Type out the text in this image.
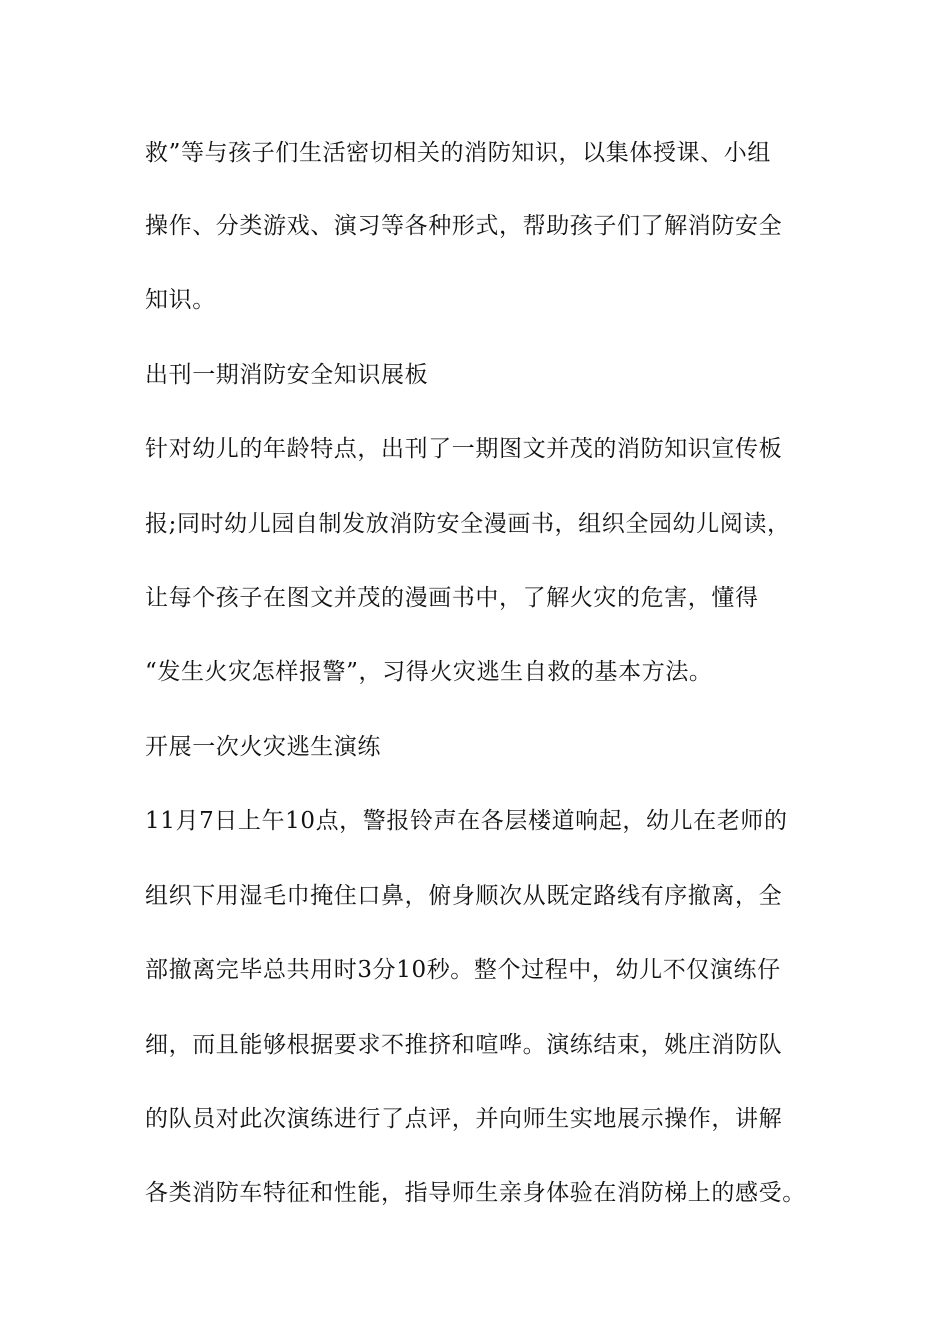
救”等与孩子们生活密切相关的消防知识，以集体授课、小组
操作、分类游戏、演习等各种形式，帮助孩子们了解消防安全
知识。
出刊一期消防安全知识展板
针对幼儿的年龄特点，出刊了一期图文并茂的消防知识宣传板
报;同时幼儿园自制发放消防安全漫画书，组织全园幼儿阅读，
让每个孩子在图文并茂的漫画书中，了解火灾的危害，懂得
“发生火灾怎样报警”，习得火灾逃生自救的基本方法。
开展一次火灾逃生演练
11月7日上午10点，警报铃声在各层楼道响起，幼儿在老师的
组织下用湿毛巾掩住口鼻，俯身顺次从既定路线有序撤离，全
部撤离完毕总共用时3分10秒。整个过程中，幼儿不仅演练仔
细，而且能够根据要求不推挤和喧哗。演练结束，姚庄消防队
的队员对此次演练进行了点评，并向师生实地展示操作，讲解
各类消防车特征和性能，指导师生亲身体验在消防梯上的感受。
